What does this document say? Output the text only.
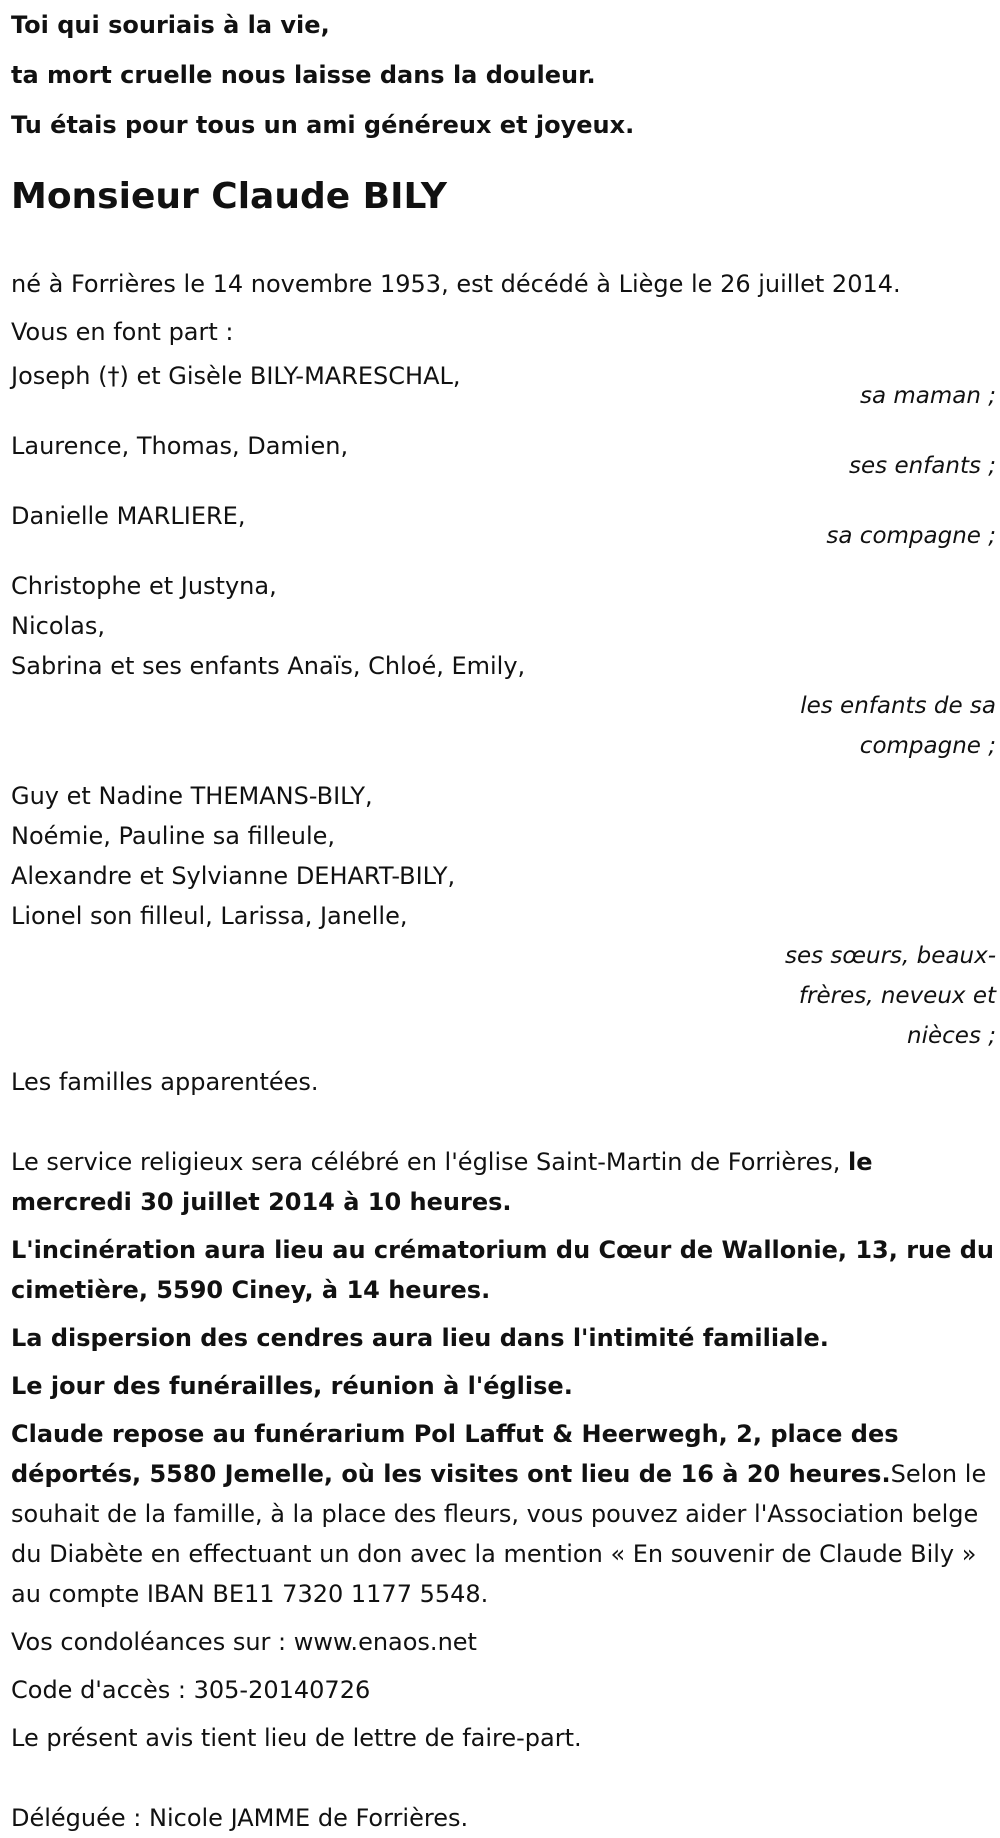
Toi qui souriais à la vie,

ta mort cruelle nous laisse dans la douleur.

Tu étais pour tous un ami généreux et joyeux.

Monsieur Claude BILY

né à Forrières le 14 novembre 1953, est décédé à Liège le 26 juillet 2014.

Vous en font part :

Joseph (†) et Gisèle BILY-MARESCHAL,
sa maman ;
Laurence, Thomas, Damien,
ses enfants ;
Danielle MARLIERE,
sa compagne ;
Christophe et Justyna,
Nicolas,
Sabrina et ses enfants Anaïs, Chloé, Emily,
les enfants de sa compagne ;
Guy et Nadine THEMANS-BILY,
Noémie, Pauline sa filleule,
Alexandre et Sylvianne DEHART-BILY,
Lionel son filleul, Larissa, Janelle,
ses sœurs, beaux-frères, neveux et nièces ;

Les familles apparentées.

Le service religieux sera célébré en l'église Saint-Martin de Forrières, le mercredi 30 juillet 2014 à 10 heures.

L'incinération aura lieu au crématorium du Cœur de Wallonie, 13, rue du cimetière, 5590 Ciney, à 14 heures.

La dispersion des cendres aura lieu dans l'intimité familiale.

Le jour des funérailles, réunion à l'église.

Claude repose au funérarium Pol Laffut & Heerwegh, 2, place des déportés, 5580 Jemelle, où les visites ont lieu de 16 à 20 heures.Selon le souhait de la famille, à la place des fleurs, vous pouvez aider l'Association belge du Diabète en effectuant un don avec la mention « En souvenir de Claude Bily » au compte IBAN BE11 7320 1177 5548.

Vos condoléances sur : www.enaos.net

Code d'accès : 305-20140726

Le présent avis tient lieu de lettre de faire-part.

Déléguée : Nicole JAMME de Forrières.
